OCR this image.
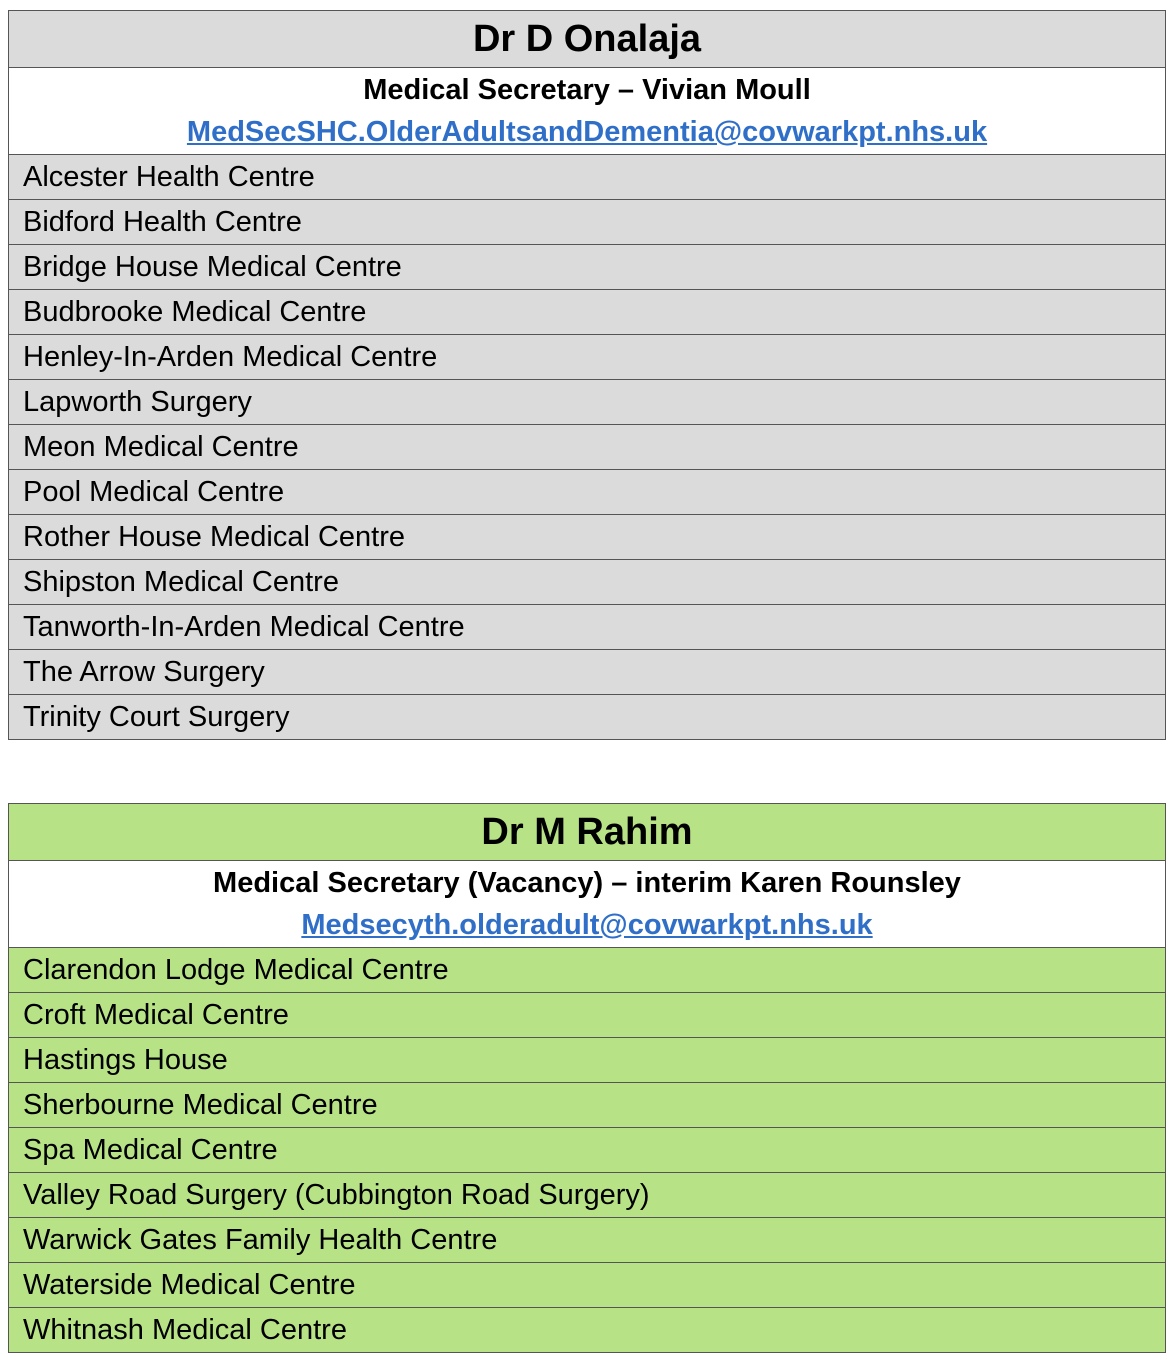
Dr D Onalaja

Medical Secretary – Vivian Moull
MedSecSHC.OlderAdultsandDementia@covwarkpt.nhs.uk

Alcester Health Centre
Bidford Health Centre
Bridge House Medical Centre
Budbrooke Medical Centre
Henley-In-Arden Medical Centre
Lapworth Surgery
Meon Medical Centre
Pool Medical Centre
Rother House Medical Centre
Shipston Medical Centre
Tanworth-In-Arden Medical Centre
The Arrow Surgery
Trinity Court Surgery
Dr M Rahim

Medical Secretary (Vacancy) – interim Karen Rounsley
Medsecyth.olderadult@covwarkpt.nhs.uk

Clarendon Lodge Medical Centre
Croft Medical Centre
Hastings House
Sherbourne Medical Centre
Spa Medical Centre
Valley Road Surgery (Cubbington Road Surgery)
Warwick Gates Family Health Centre
Waterside Medical Centre
Whitnash Medical Centre
